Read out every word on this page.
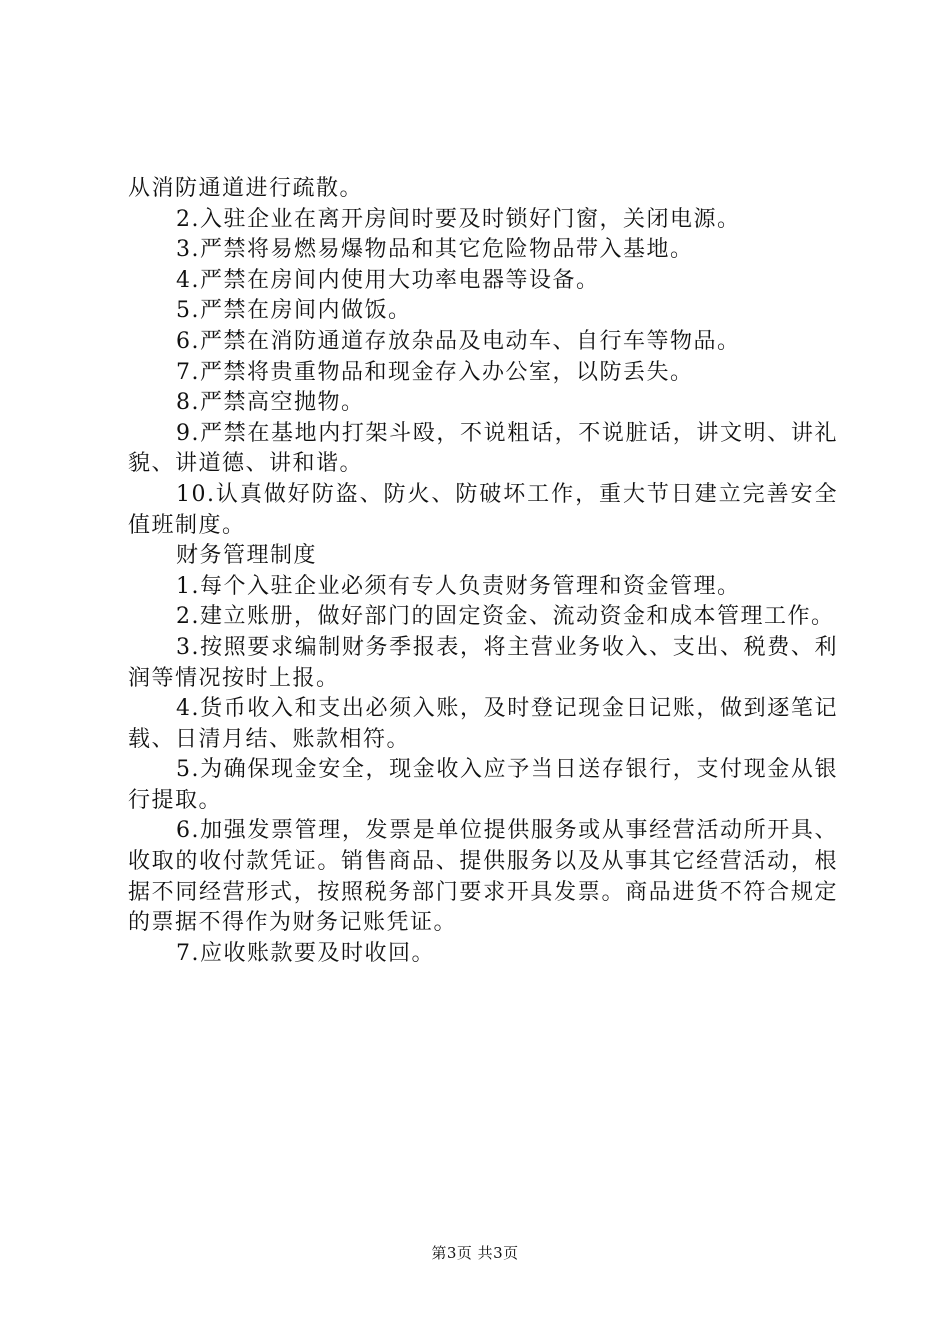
从消防通道进行疏散。

2.入驻企业在离开房间时要及时锁好门窗，关闭电源。

3.严禁将易燃易爆物品和其它危险物品带入基地。

4.严禁在房间内使用大功率电器等设备。

5.严禁在房间内做饭。

6.严禁在消防通道存放杂品及电动车、自行车等物品。

7.严禁将贵重物品和现金存入办公室，以防丢失。

8.严禁高空抛物。

9.严禁在基地内打架斗殴，不说粗话，不说脏话，讲文明、讲礼貌、讲道德、讲和谐。

10.认真做好防盗、防火、防破坏工作，重大节日建立完善安全值班制度。

财务管理制度

1.每个入驻企业必须有专人负责财务管理和资金管理。

2.建立账册，做好部门的固定资金、流动资金和成本管理工作。

3.按照要求编制财务季报表，将主营业务收入、支出、税费、利润等情况按时上报。

4.货币收入和支出必须入账，及时登记现金日记账，做到逐笔记载、日清月结、账款相符。

5.为确保现金安全，现金收入应予当日送存银行，支付现金从银行提取。

6.加强发票管理，发票是单位提供服务或从事经营活动所开具、收取的收付款凭证。销售商品、提供服务以及从事其它经营活动，根据不同经营形式，按照税务部门要求开具发票。商品进货不符合规定的票据不得作为财务记账凭证。

7.应收账款要及时收回。

第3页 共3页
